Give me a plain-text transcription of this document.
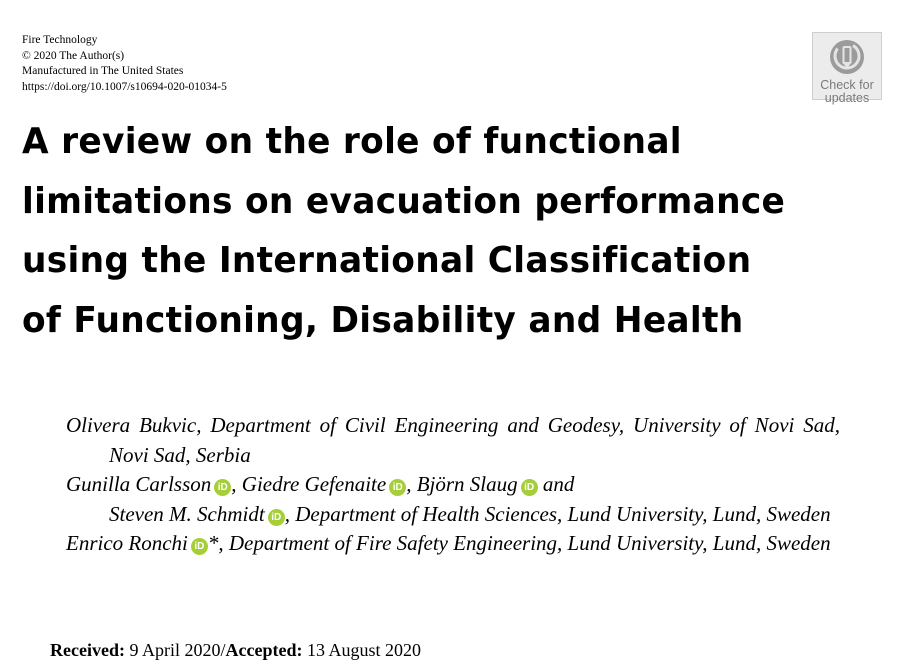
Fire Technology
© 2020 The Author(s)
Manufactured in The United States
https://doi.org/10.1007/s10694-020-01034-5	Check for
updates
A review on the role of functional
limitations on evacuation performance
using the International Classification
of Functioning, Disability and Health
Olivera Bukvic, Department of Civil Engineering and Geodesy, University of Novi Sad, Novi Sad, Serbia
Gunilla Carlsson iD , Giedre Gefenaite iD , Björn Slaug iD and
Steven M. Schmidt iD , Department of Health Sciences, Lund University, Lund, Sweden
Enrico Ronchi iD *, Department of Fire Safety Engineering, Lund University, Lund, Sweden
Received: 9 April 2020/Accepted: 13 August 2020
